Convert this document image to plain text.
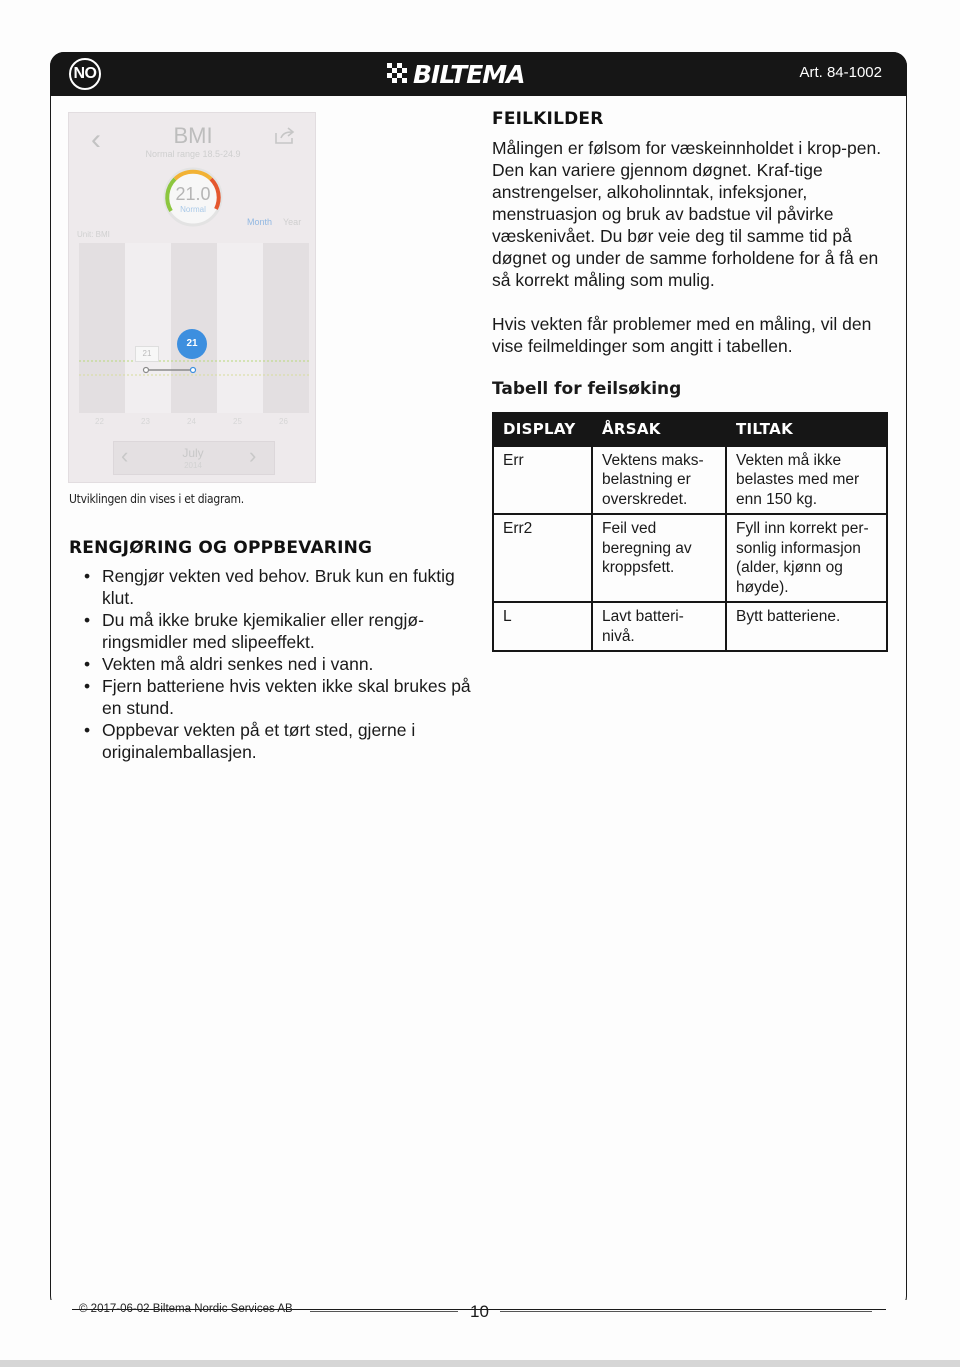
NO	BILTEMA	Art. 84-1002
‹	BMI
Normal range 18.5-24.9
21.0
Normal
Month Year
Unit: BMI
21
21
22	23	24	25	26
‹	›
July
2014
Utviklingen din vises i et diagram.
RENGJØRING OG OPPBEVARING
• Rengjør vekten ved behov. Bruk kun en fuktig klut.
• Du må ikke bruke kjemikalier eller rengjø-ringsmidler med slipeeffekt.
• Vekten må aldri senkes ned i vann.
• Fjern batteriene hvis vekten ikke skal brukes på en stund.
• Oppbevar vekten på et tørt sted, gjerne i originalemballasjen.
FEILKILDER

Målingen er følsom for væskeinnholdet i krop-pen. Den kan variere gjennom døgnet. Kraf-tige anstrengelser, alkoholinntak, infeksjoner, menstruasjon og bruk av badstue vil påvirke væskenivået. Du bør veie deg til samme tid på døgnet og under de samme forholdene for å få en så korrekt måling som mulig.

Hvis vekten får problemer med en måling, vil den vise feilmeldinger som angitt i tabellen.

Tabell for feilsøking
DISPLAY	ÅRSAK	TILTAK
Err	Vektens maks-belastning er overskredet.	Vekten må ikke belastes med mer enn 150 kg.
Err2	Feil ved beregning av kroppsfett.	Fyll inn korrekt per-sonlig informasjon (alder, kjønn og høyde).
L	Lavt batteri-nivå.	Bytt batteriene.
© 2017-06-02 Biltema Nordic Services AB	10
